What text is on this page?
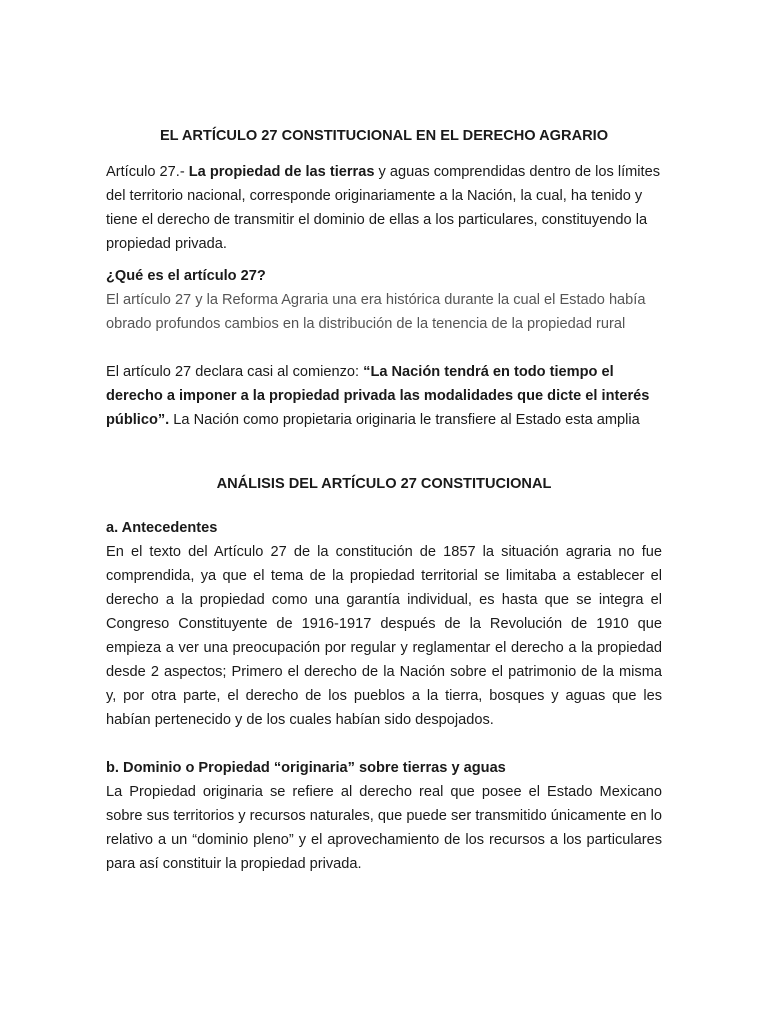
EL ARTÍCULO 27 CONSTITUCIONAL EN EL DERECHO AGRARIO

Artículo 27.- La propiedad de las tierras y aguas comprendidas dentro de los límites del territorio nacional, corresponde originariamente a la Nación, la cual, ha tenido y tiene el derecho de transmitir el dominio de ellas a los particulares, constituyendo la propiedad privada.

¿Qué es el artículo 27?

El artículo 27 y la Reforma Agraria una era histórica durante la cual el Estado había obrado profundos cambios en la distribución de la tenencia de la propiedad rural

El artículo 27 declara casi al comienzo: “La Nación tendrá en todo tiempo el derecho a imponer a la propiedad privada las modalidades que dicte el interés público”. La Nación como propietaria originaria le transfiere al Estado esta amplia

ANÁLISIS DEL ARTÍCULO 27 CONSTITUCIONAL

a. Antecedentes

En el texto del Artículo 27 de la constitución de 1857 la situación agraria no fue comprendida, ya que el tema de la propiedad territorial se limitaba a establecer el derecho a la propiedad como una garantía individual, es hasta que se integra el Congreso Constituyente de 1916-1917 después de la Revolución de 1910 que empieza a ver una preocupación por regular y reglamentar el derecho a la propiedad desde 2 aspectos; Primero el derecho de la Nación sobre el patrimonio de la misma y, por otra parte, el derecho de los pueblos a la tierra, bosques y aguas que les habían pertenecido y de los cuales habían sido despojados.

b. Dominio o Propiedad “originaria” sobre tierras y aguas

La Propiedad originaria se refiere al derecho real que posee el Estado Mexicano sobre sus territorios y recursos naturales, que puede ser transmitido únicamente en lo relativo a un “dominio pleno” y el aprovechamiento de los recursos a los particulares para así constituir la propiedad privada.
